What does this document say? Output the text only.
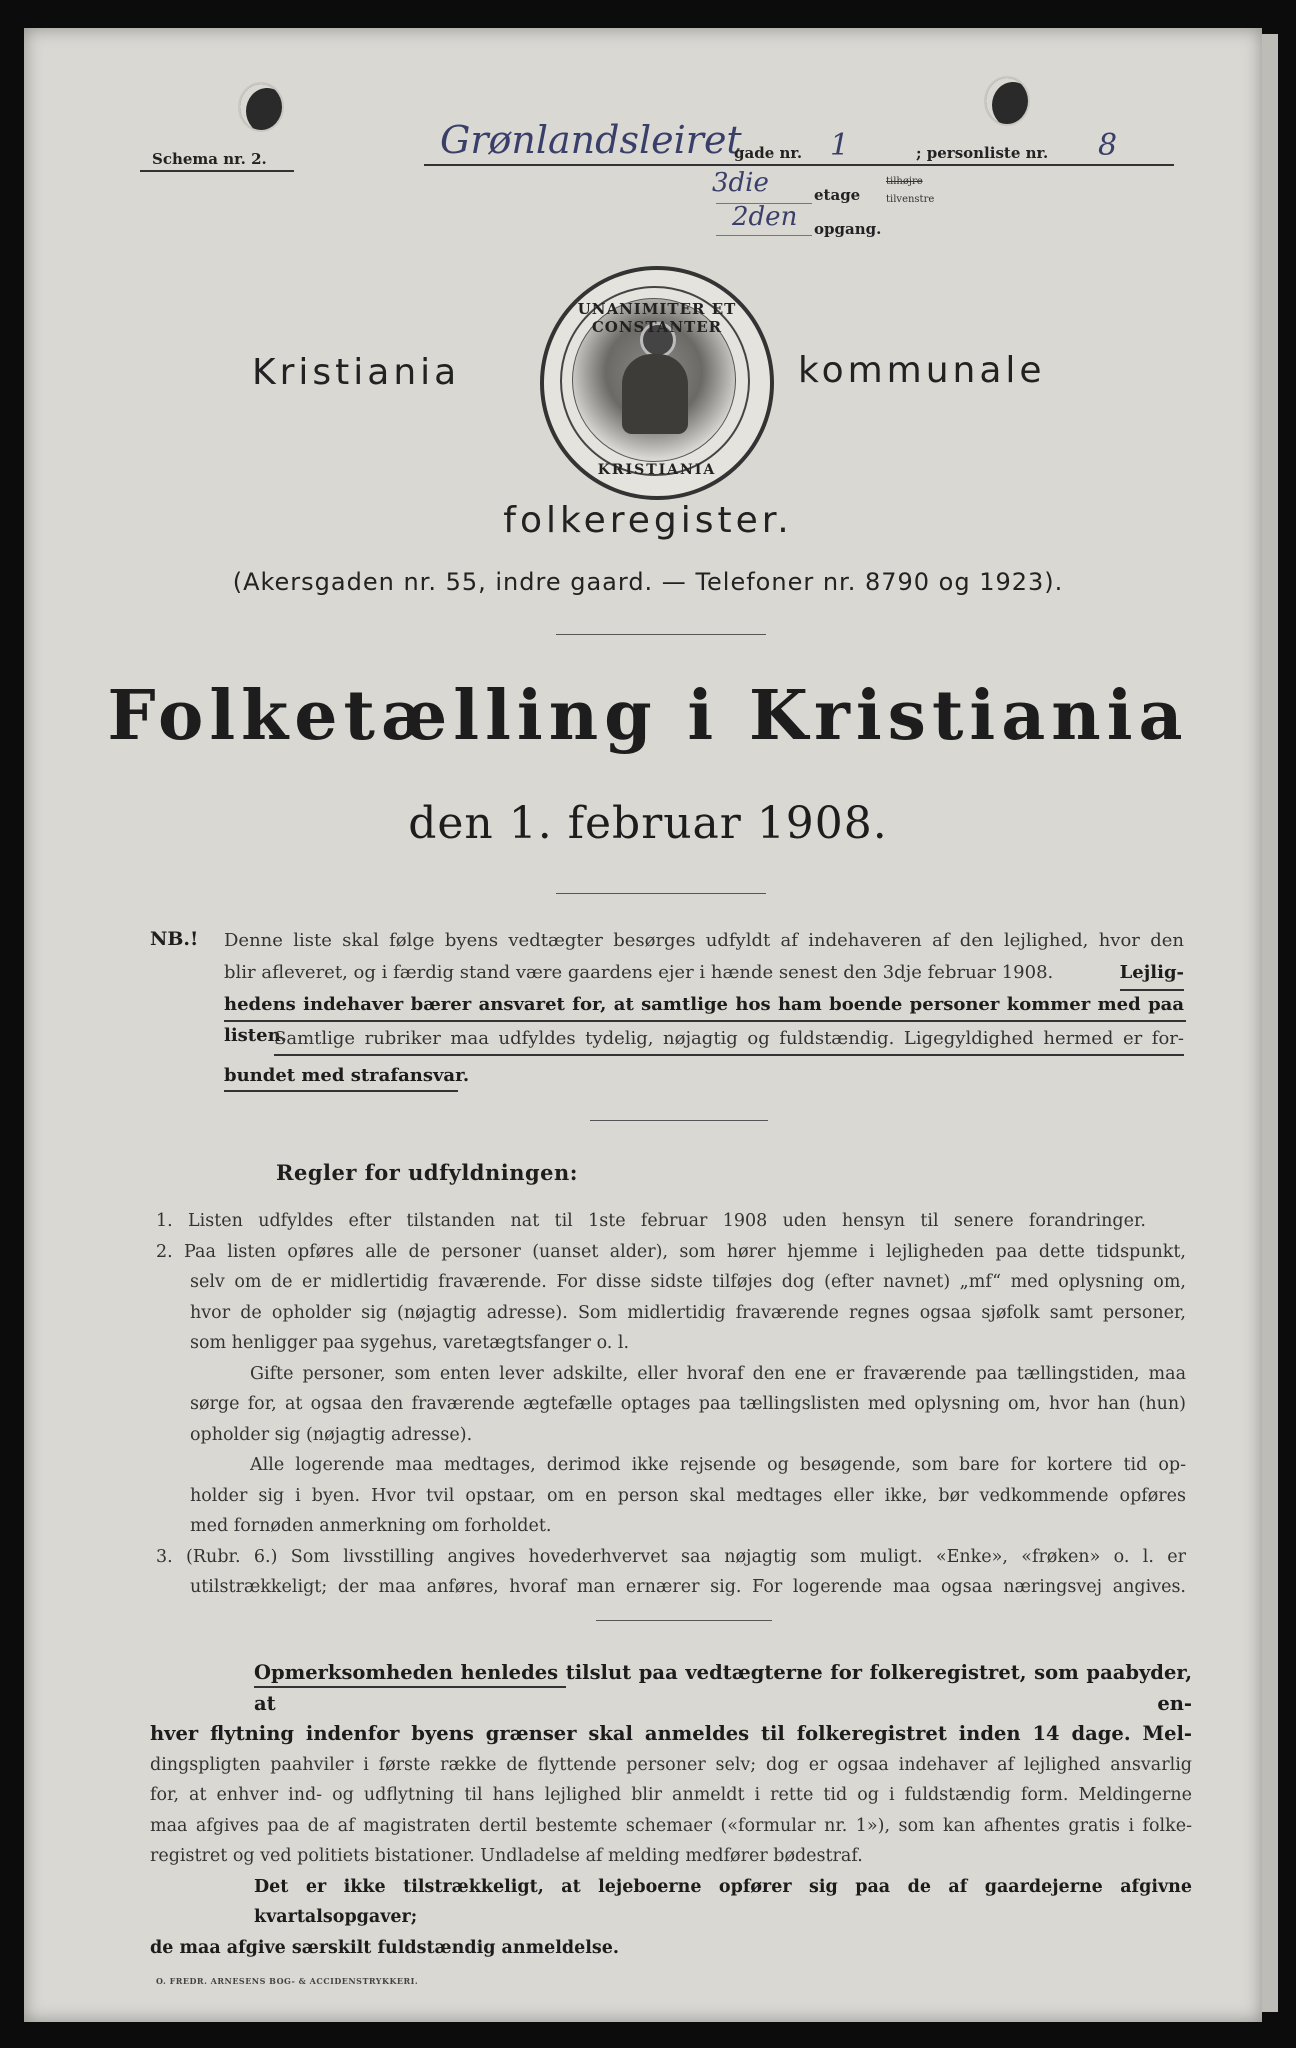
Schema nr. 2.	Grønlandsleiret
gade nr. 1	; personliste nr. 8
3die	etage
tilhøjre
tilvenstre
2den opgang.
Kristiania
UNANIMITER ET CONSTANTER
KRISTIANIA
kommunale
folkeregister.
(Akersgaden nr. 55, indre gaard. — Telefoner nr. 8790 og 1923).
Folketælling i Kristiania
den 1. februar 1908.
NB.! Denne liste skal følge byens vedtægter besørges udfyldt af indehaveren af den lejlighed, hvor den
blir afleveret, og i færdig stand være gaardens ejer i hænde senest den 3dje februar 1908.	Lejlig-
hedens indehaver bærer ansvaret for, at samtlige hos ham boende personer kommer med paa listen.
Samtlige rubriker maa udfyldes tydelig, nøjagtig og fuldstændig. Ligegyldighed hermed er for-
bundet med strafansvar.
Regler for udfyldningen:
1. Listen udfyldes efter tilstanden nat til 1ste februar 1908 uden hensyn til senere forandringer.
2. Paa listen opføres alle de personer (uanset alder), som hører hjemme i lejligheden paa dette tidspunkt,
selv om de er midlertidig fraværende. For disse sidste tilføjes dog (efter navnet) „mf“ med oplysning om,
hvor de opholder sig (nøjagtig adresse). Som midlertidig fraværende regnes ogsaa sjøfolk samt personer,
som henligger paa sygehus, varetægtsfanger o. l.
Gifte personer, som enten lever adskilte, eller hvoraf den ene er fraværende paa tællingstiden, maa
sørge for, at ogsaa den fraværende ægtefælle optages paa tællingslisten med oplysning om, hvor han (hun)
opholder sig (nøjagtig adresse).
Alle logerende maa medtages, derimod ikke rejsende og besøgende, som bare for kortere tid op-
holder sig i byen. Hvor tvil opstaar, om en person skal medtages eller ikke, bør vedkommende opføres
med fornøden anmerkning om forholdet.
3. (Rubr. 6.) Som livsstilling angives hovederhvervet saa nøjagtig som muligt. «Enke», «frøken» o. l. er
utilstrækkeligt; der maa anføres, hvoraf man ernærer sig. For logerende maa ogsaa næringsvej angives.
Opmerksomheden henledes tilslut paa vedtægterne for folkeregistret, som paabyder, at en-
hver flytning indenfor byens grænser skal anmeldes til folkeregistret inden 14 dage. Mel-
dingspligten paahviler i første række de flyttende personer selv; dog er ogsaa indehaver af lejlighed ansvarlig
for, at enhver ind- og udflytning til hans lejlighed blir anmeldt i rette tid og i fuldstændig form. Meldingerne
maa afgives paa de af magistraten dertil bestemte schemaer («formular nr. 1»), som kan afhentes gratis i folke-
registret og ved politiets bistationer. Undladelse af melding medfører bødestraf.
Det er ikke tilstrækkeligt, at lejeboerne opfører sig paa de af gaardejerne afgivne kvartalsopgaver;
de maa afgive særskilt fuldstændig anmeldelse.
O. FREDR. ARNESENS BOG- & ACCIDENSTRYKKERI.
